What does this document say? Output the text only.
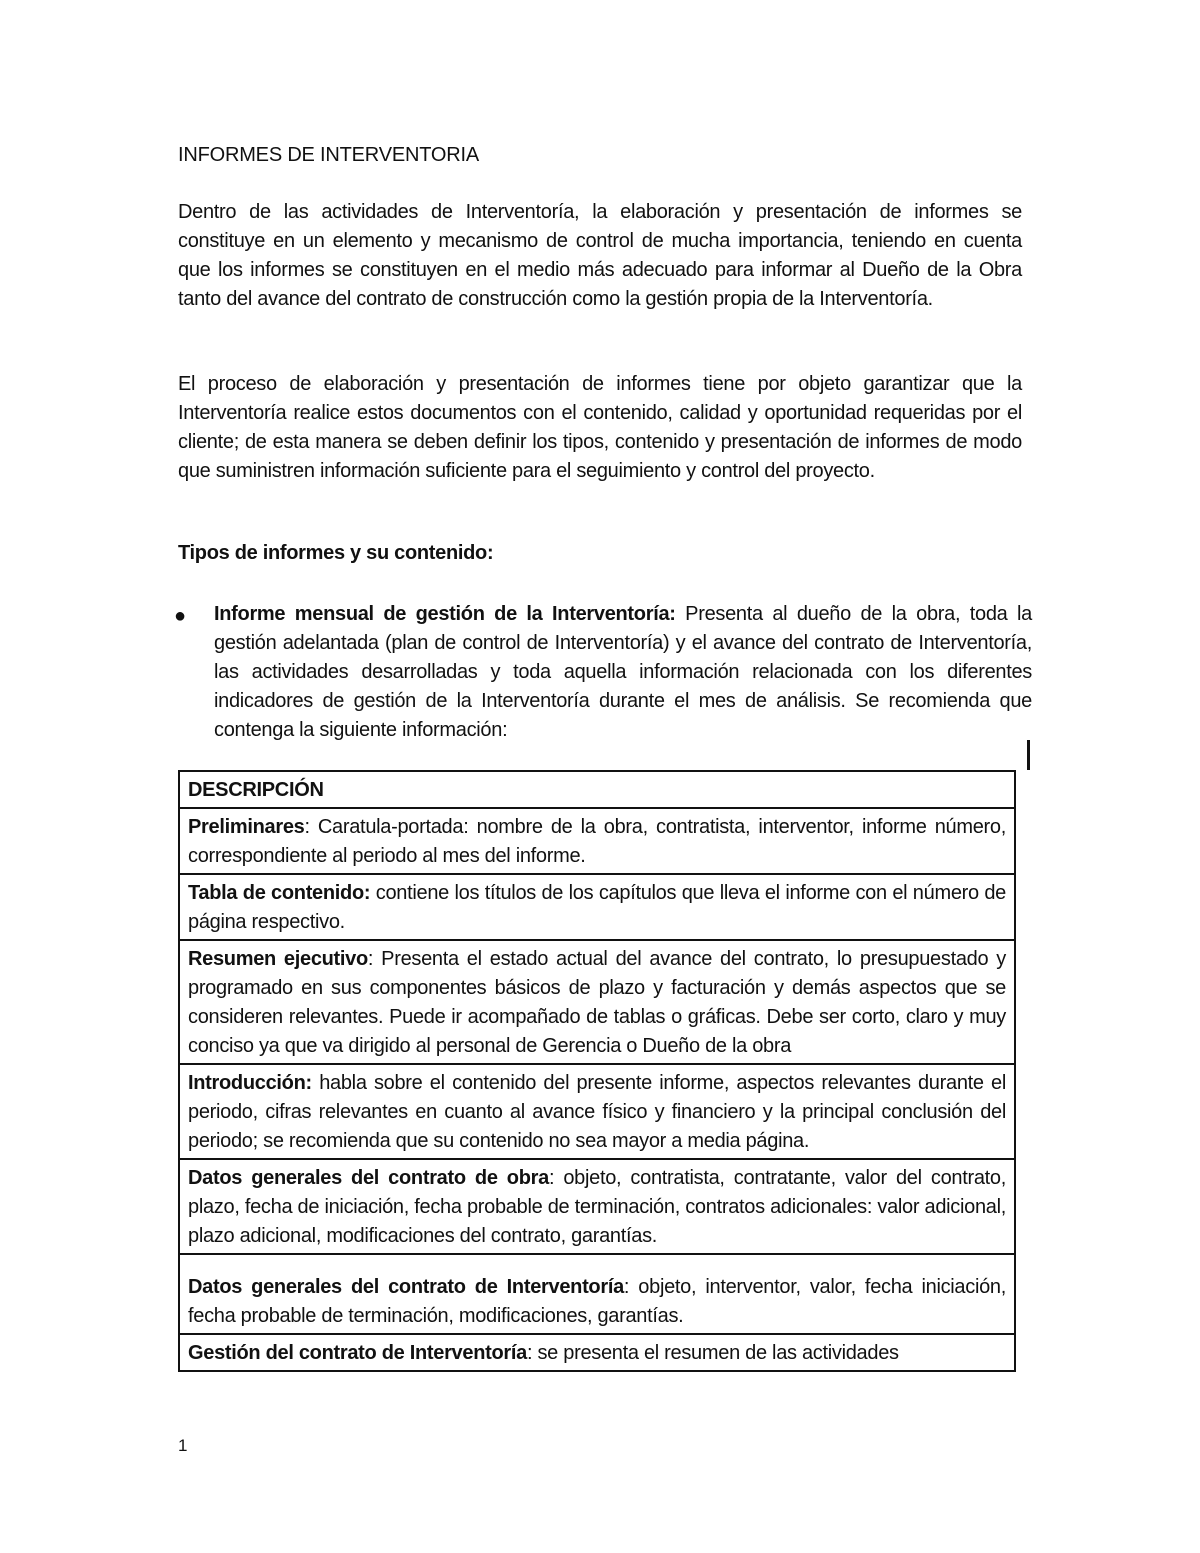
INFORMES DE INTERVENTORIA

Dentro de las actividades de Interventoría, la elaboración y presentación de informes se constituye en un elemento y mecanismo de control de mucha importancia, teniendo en cuenta que los informes se constituyen en el medio más adecuado para informar al Dueño de la Obra tanto del avance del contrato de construcción como la gestión propia de la Interventoría.

El proceso de elaboración y presentación de informes tiene por objeto garantizar que la Interventoría realice estos documentos con el contenido, calidad y oportunidad requeridas por el cliente; de esta manera se deben definir los tipos, contenido y presentación de informes de modo que suministren información suficiente para el seguimiento y control del proyecto.

Tipos de informes y su contenido:
● Informe mensual de gestión de la Interventoría: Presenta al dueño de la obra, toda la gestión adelantada (plan de control de Interventoría) y el avance del contrato de Interventoría, las actividades desarrolladas y toda aquella información relacionada con los diferentes indicadores de gestión de la Interventoría durante el mes de análisis. Se recomienda que contenga la siguiente información:
DESCRIPCIÓN
Preliminares: Caratula-portada: nombre de la obra, contratista, interventor, informe número, correspondiente al periodo al mes del informe.
Tabla de contenido: contiene los títulos de los capítulos que lleva el informe con el número de página respectivo.
Resumen ejecutivo: Presenta el estado actual del avance del contrato, lo presupuestado y programado en sus componentes básicos de plazo y facturación y demás aspectos que se consideren relevantes. Puede ir acompañado de tablas o gráficas. Debe ser corto, claro y muy conciso ya que va dirigido al personal de Gerencia o Dueño de la obra
Introducción: habla sobre el contenido del presente informe, aspectos relevantes durante el periodo, cifras relevantes en cuanto al avance físico y financiero y la principal conclusión del periodo; se recomienda que su contenido no sea mayor a media página.
Datos generales del contrato de obra: objeto, contratista, contratante, valor del contrato, plazo, fecha de iniciación, fecha probable de terminación, contratos adicionales: valor adicional, plazo adicional, modificaciones del contrato, garantías.
Datos generales del contrato de Interventoría: objeto, interventor, valor, fecha iniciación, fecha probable de terminación, modificaciones, garantías.
Gestión del contrato de Interventoría: se presenta el resumen de las actividades
1
